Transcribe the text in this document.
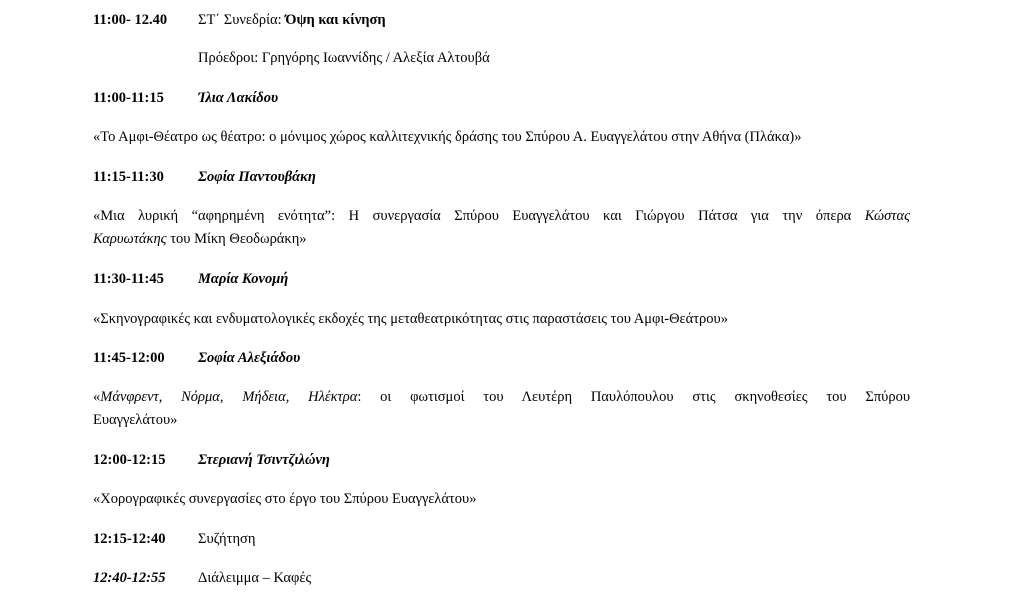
11:00- 12.40 ΣΤ΄ Συνεδρία: Όψη και κίνηση
Πρόεδροι: Γρηγόρης Ιωαννίδης / Αλεξία Αλτουβά
11:00-11:15 Ίλια Λακίδου
«Το Αμφι-Θέατρο ως θέατρο: ο μόνιμος χώρος καλλιτεχνικής δράσης του Σπύρου Α. Ευαγγελάτου στην Αθήνα (Πλάκα)»
11:15-11:30 Σοφία Παντουβάκη
«Μια λυρική “αφηρημένη ενότητα”: Η συνεργασία Σπύρου Ευαγγελάτου και Γιώργου Πάτσα για την όπερα Κώστας
Καρυωτάκης του Μίκη Θεοδωράκη»
11:30-11:45 Μαρία Κονομή
«Σκηνογραφικές και ενδυματολογικές εκδοχές της μεταθεατρικότητας στις παραστάσεις του Αμφι-Θεάτρου»
11:45-12:00 Σοφία Αλεξιάδου
«Μάνφρεντ, Νόρμα, Μήδεια, Ηλέκτρα: οι φωτισμοί του Λευτέρη Παυλόπουλου στις σκηνοθεσίες του Σπύρου
Ευαγγελάτου»
12:00-12:15 Στεριανή Τσιντζιλώνη
«Χορογραφικές συνεργασίες στο έργο του Σπύρου Ευαγγελάτου»
12:15-12:40 Συζήτηση
12:40-12:55 Διάλειμμα – Καφές
